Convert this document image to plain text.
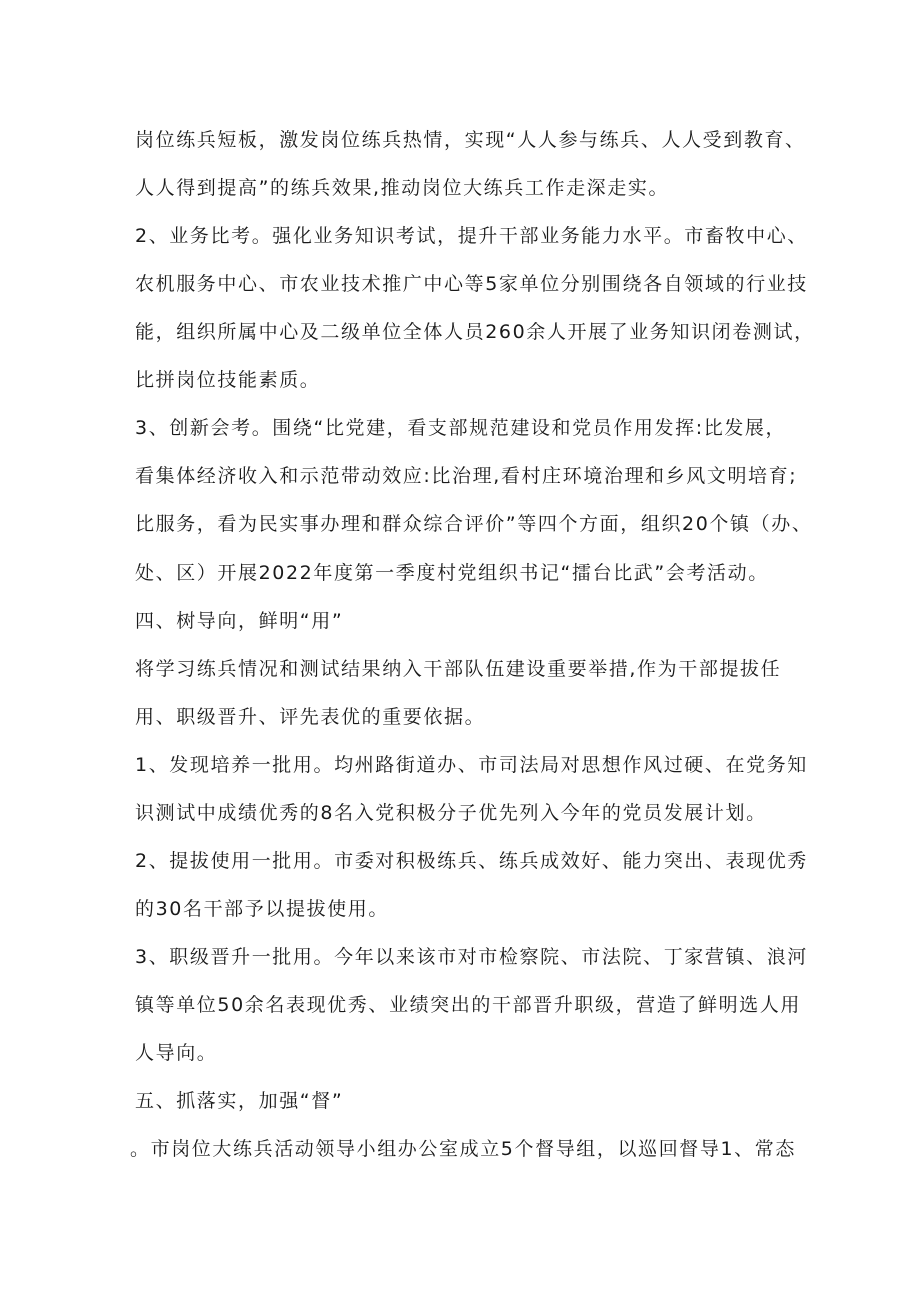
岗位练兵短板，激发岗位练兵热情，实现“人人参与练兵、人人受到教育、
人人得到提高”的练兵效果,推动岗位大练兵工作走深走实。
2、业务比考。强化业务知识考试，提升干部业务能力水平。市畜牧中心、
农机服务中心、市农业技术推广中心等5家单位分别围绕各自领域的行业技
能，组织所属中心及二级单位全体人员260余人开展了业务知识闭卷测试，
比拼岗位技能素质。
3、创新会考。围绕“比党建，看支部规范建设和党员作用发挥:比发展，
看集体经济收入和示范带动效应:比治理,看村庄环境治理和乡风文明培育;
比服务，看为民实事办理和群众综合评价”等四个方面，组织20个镇（办、
处、区）开展2022年度第一季度村党组织书记“擂台比武”会考活动。
四、树导向，鲜明“用”
将学习练兵情况和测试结果纳入干部队伍建设重要举措,作为干部提拔任
用、职级晋升、评先表优的重要依据。
1、发现培养一批用。均州路街道办、市司法局对思想作风过硬、在党务知
识测试中成绩优秀的8名入党积极分子优先列入今年的党员发展计划。
2、提拔使用一批用。市委对积极练兵、练兵成效好、能力突出、表现优秀
的30名干部予以提拔使用。
3、职级晋升一批用。今年以来该市对市检察院、市法院、丁家营镇、浪河
镇等单位50余名表现优秀、业绩突出的干部晋升职级，营造了鲜明选人用
人导向。
五、抓落实，加强“督”
。市岗位大练兵活动领导小组办公室成立5个督导组，以巡回督导1、常态
